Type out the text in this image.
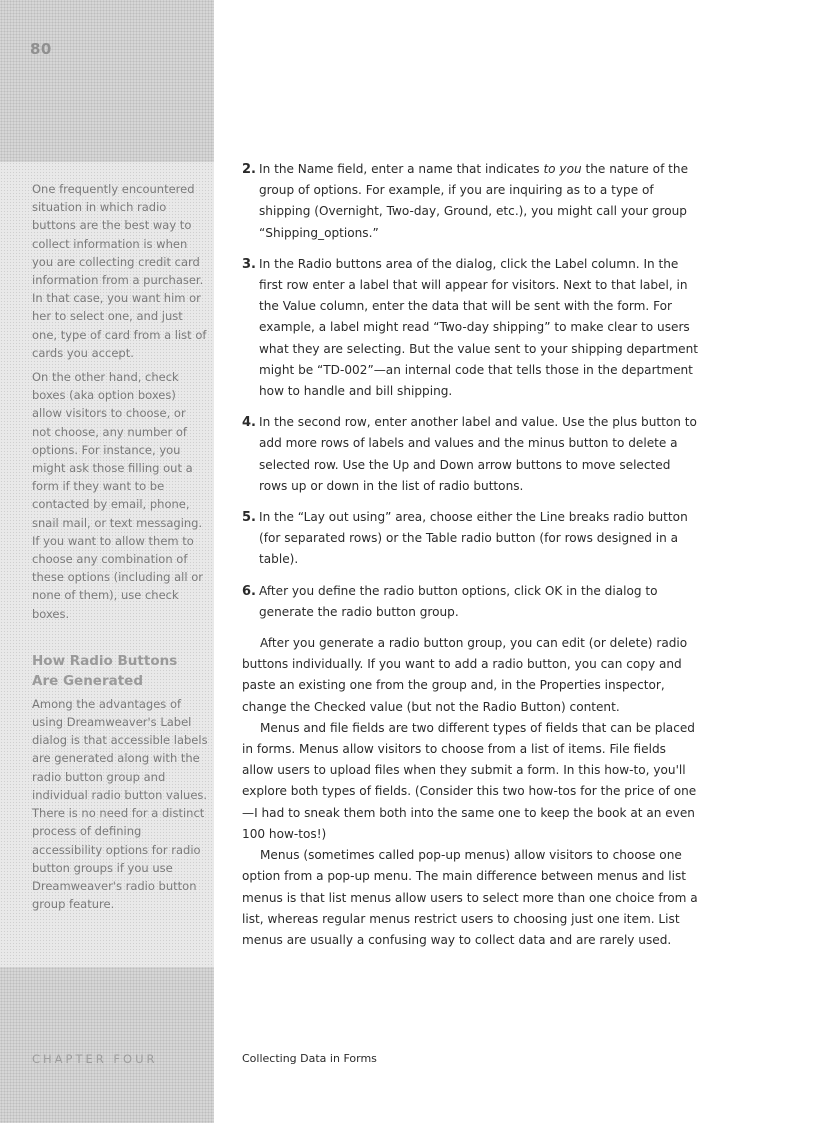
80

One frequently encountered situation in which radio buttons are the best way to collect information is when you are collecting credit card information from a purchaser. In that case, you want him or her to select one, and just one, type of card from a list of cards you accept.

On the other hand, check boxes (aka option boxes) allow visitors to choose, or not choose, any number of options. For instance, you might ask those filling out a form if they want to be contacted by email, phone, snail mail, or text messaging. If you want to allow them to choose any combination of these options (including all or none of them), use check boxes.

How Radio Buttons Are Generated

Among the advantages of using Dreamweaver's Label dialog is that accessible labels are generated along with the radio button group and individual radio button values. There is no need for a distinct process of defining accessibility options for radio button groups if you use Dreamweaver's radio button group feature.

CHAPTER FOUR
2. In the Name field, enter a name that indicates to you the nature of the group of options. For example, if you are inquiring as to a type of shipping (Overnight, Two-day, Ground, etc.), you might call your group “Shipping_options.”
3. In the Radio buttons area of the dialog, click the Label column. In the first row enter a label that will appear for visitors. Next to that label, in the Value column, enter the data that will be sent with the form. For example, a label might read “Two-day shipping” to make clear to users what they are selecting. But the value sent to your shipping department might be “TD-002”—an internal code that tells those in the department how to handle and bill shipping.
4. In the second row, enter another label and value. Use the plus button to add more rows of labels and values and the minus button to delete a selected row. Use the Up and Down arrow buttons to move selected rows up or down in the list of radio buttons.
5. In the “Lay out using” area, choose either the Line breaks radio button (for separated rows) or the Table radio button (for rows designed in a table).
6. After you define the radio button options, click OK in the dialog to generate the radio button group.

After you generate a radio button group, you can edit (or delete) radio buttons individually. If you want to add a radio button, you can copy and paste an existing one from the group and, in the Properties inspector, change the Checked value (but not the Radio Button) content.

Menus and file fields are two different types of fields that can be placed in forms. Menus allow visitors to choose from a list of items. File fields allow users to upload files when they submit a form. In this how-to, you'll explore both types of fields. (Consider this two how-tos for the price of one—I had to sneak them both into the same one to keep the book at an even 100 how-tos!)

Menus (sometimes called pop-up menus) allow visitors to choose one option from a pop-up menu. The main difference between menus and list menus is that list menus allow users to select more than one choice from a list, whereas regular menus restrict users to choosing just one item. List menus are usually a confusing way to collect data and are rarely used.

Collecting Data in Forms
